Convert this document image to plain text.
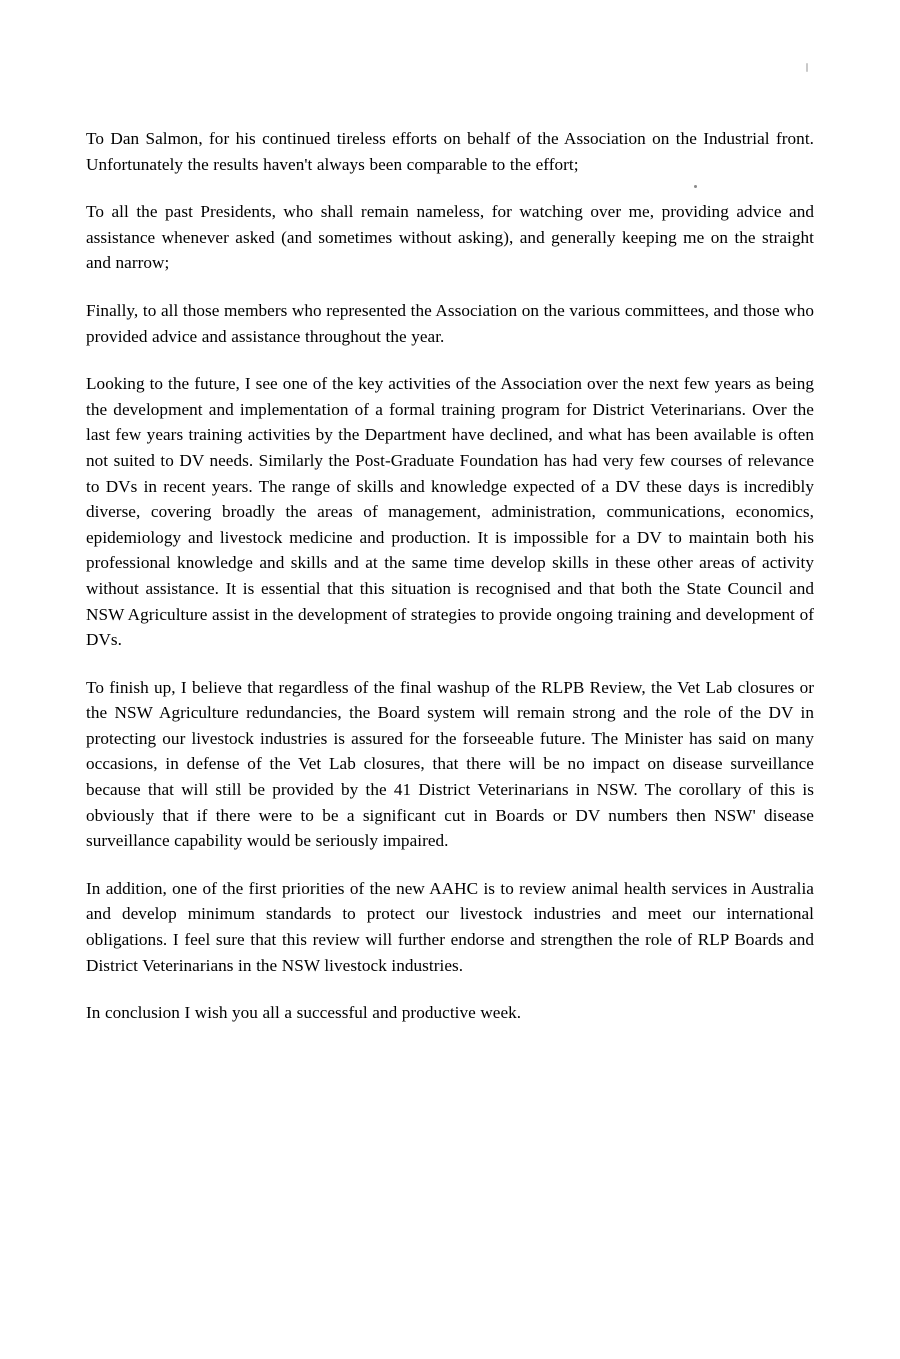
To Dan Salmon, for his continued tireless efforts on behalf of the Association on the Industrial front. Unfortunately the results haven't always been comparable to the effort;

To all the past Presidents, who shall remain nameless, for watching over me, providing advice and assistance whenever asked (and sometimes without asking), and generally keeping me on the straight and narrow;

Finally, to all those members who represented the Association on the various committees, and those who provided advice and assistance throughout the year.

Looking to the future, I see one of the key activities of the Association over the next few years as being the development and implementation of a formal training program for District Veterinarians. Over the last few years training activities by the Department have declined, and what has been available is often not suited to DV needs. Similarly the Post-Graduate Foundation has had very few courses of relevance to DVs in recent years. The range of skills and knowledge expected of a DV these days is incredibly diverse, covering broadly the areas of management, administration, communications, economics, epidemiology and livestock medicine and production. It is impossible for a DV to maintain both his professional knowledge and skills and at the same time develop skills in these other areas of activity without assistance. It is essential that this situation is recognised and that both the State Council and NSW Agriculture assist in the development of strategies to provide ongoing training and development of DVs.

To finish up, I believe that regardless of the final washup of the RLPB Review, the Vet Lab closures or the NSW Agriculture redundancies, the Board system will remain strong and the role of the DV in protecting our livestock industries is assured for the forseeable future. The Minister has said on many occasions, in defense of the Vet Lab closures, that there will be no impact on disease surveillance because that will still be provided by the 41 District Veterinarians in NSW. The corollary of this is obviously that if there were to be a significant cut in Boards or DV numbers then NSW' disease surveillance capability would be seriously impaired.

In addition, one of the first priorities of the new AAHC is to review animal health services in Australia and develop minimum standards to protect our livestock industries and meet our international obligations. I feel sure that this review will further endorse and strengthen the role of RLP Boards and District Veterinarians in the NSW livestock industries.

In conclusion I wish you all a successful and productive week.
